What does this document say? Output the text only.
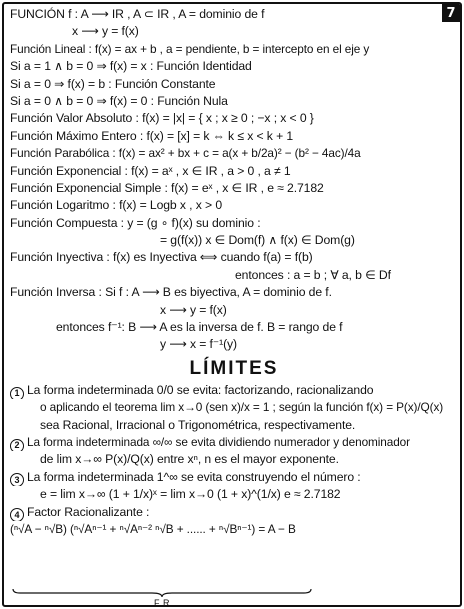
7
FUNCIÓN f : A ⟶ IR , A ⊂ IR , A = dominio de f
x ⟶ y = f(x)
Función Lineal : f(x) = ax + b , a = pendiente, b = intercepto en el eje y
Si a = 1 ∧ b = 0 ⇒ f(x) = x : Función Identidad
Si a = 0 ⇒ f(x) = b : Función Constante
Si a = 0 ∧ b = 0 ⇒ f(x) = 0 : Función Nula
Función Valor Absoluto : f(x) = |x| = { x ; x ≥ 0 ; −x ; x < 0 }
Función Máximo Entero : f(x) = [x] = k ⇔ k ≤ x < k + 1
Función Parabólica : f(x) = ax² + bx + c = a(x + b/2a)² − (b² − 4ac)/4a
Función Exponencial : f(x) = aˣ , x ∈ IR , a > 0 , a ≠ 1
Función Exponencial Simple : f(x) = eˣ , x ∈ IR , e ≈ 2.7182
Función Logaritmo : f(x) = Logb x , x > 0
Función Compuesta : y = (g ∘ f)(x) su dominio :
= g(f(x)) x ∈ Dom(f) ∧ f(x) ∈ Dom(g)
Función Inyectiva : f(x) es Inyectiva ⟺ cuando f(a) = f(b)
entonces : a = b ; ∀ a, b ∈ Df
Función Inversa : Si f : A ⟶ B es biyectiva, A = dominio de f.
x ⟶ y = f(x)
entonces f⁻¹: B ⟶ A es la inversa de f. B = rango de f
y ⟶ x = f⁻¹(y)
LÍMITES
1 La forma indeterminada 0/0 se evita: factorizando, racionalizando
o aplicando el teorema lim x→0 (sen x)/x = 1 ; según la función f(x) = P(x)/Q(x)
sea Racional, Irracional o Trigonométrica, respectivamente.
2 La forma indeterminada ∞/∞ se evita dividiendo numerador y denominador
de lim x→∞ P(x)/Q(x) entre xⁿ, n es el mayor exponente.
3 La forma indeterminada 1^∞ se evita construyendo el número :
e = lim x→∞ (1 + 1/x)ˣ = lim x→0 (1 + x)^(1/x) e ≈ 2.7182
4 Factor Racionalizante :
(ⁿ√A − ⁿ√B) (ⁿ√Aⁿ⁻¹ + ⁿ√Aⁿ⁻² ⁿ√B + ...... + ⁿ√Bⁿ⁻¹) = A − B
F.R.
